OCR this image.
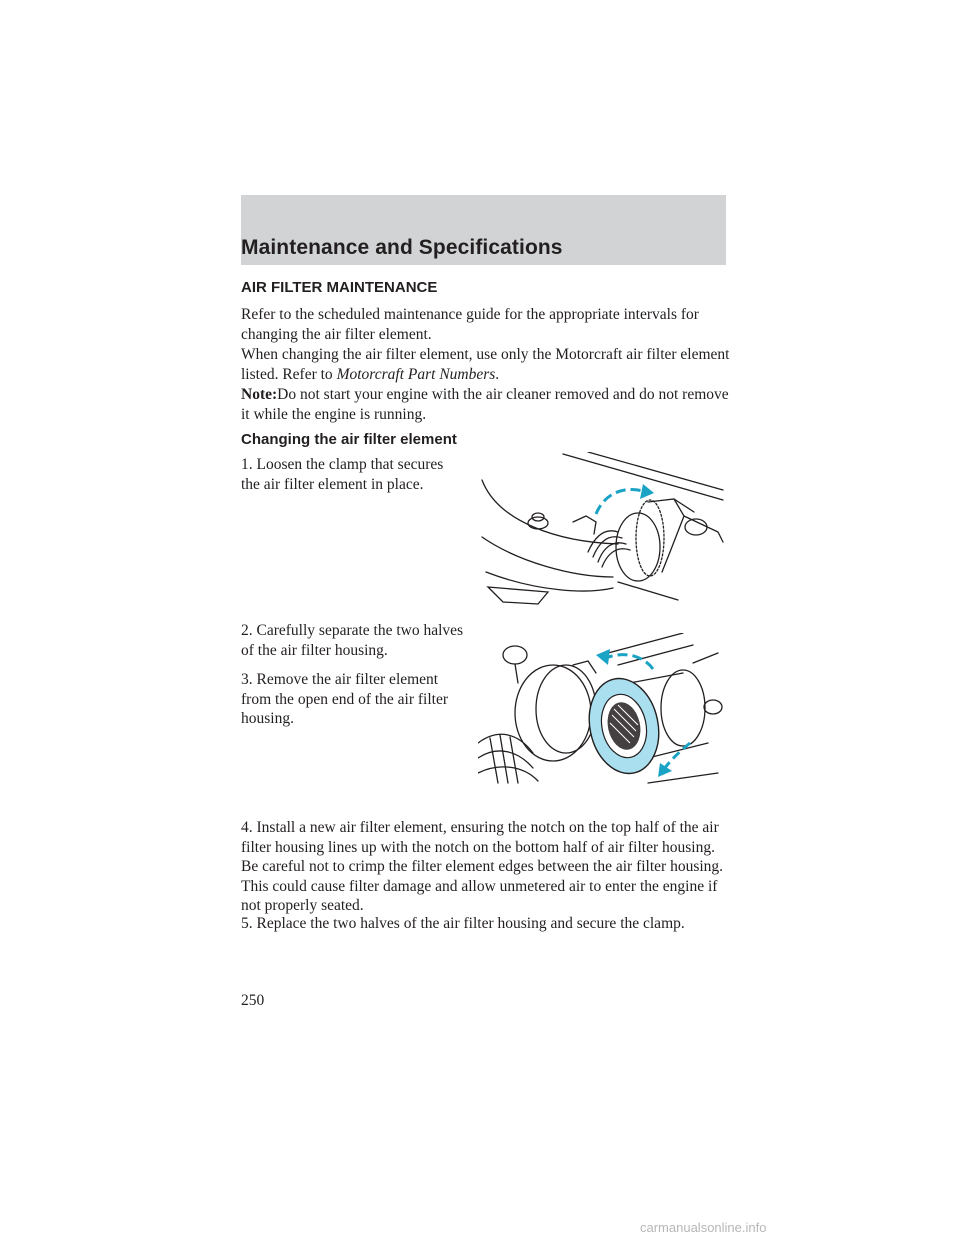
Maintenance and Specifications
AIR FILTER MAINTENANCE
Refer to the scheduled maintenance guide for the appropriate intervals for changing the air filter element.
When changing the air filter element, use only the Motorcraft air filter element listed. Refer to Motorcraft Part Numbers.
Note:Do not start your engine with the air cleaner removed and do not remove it while the engine is running.
Changing the air filter element
1. Loosen the clamp that secures
the air filter element in place.
2. Carefully separate the two halves
of the air filter housing.
3. Remove the air filter element
from the open end of the air filter
housing.
4. Install a new air filter element, ensuring the notch on the top half of the air filter housing lines up with the notch on the bottom half of air filter housing. Be careful not to crimp the filter element edges between the air filter housing. This could cause filter damage and allow unmetered air to enter the engine if not properly seated.
5. Replace the two halves of the air filter housing and secure the clamp.
250
carmanualsonline.info
